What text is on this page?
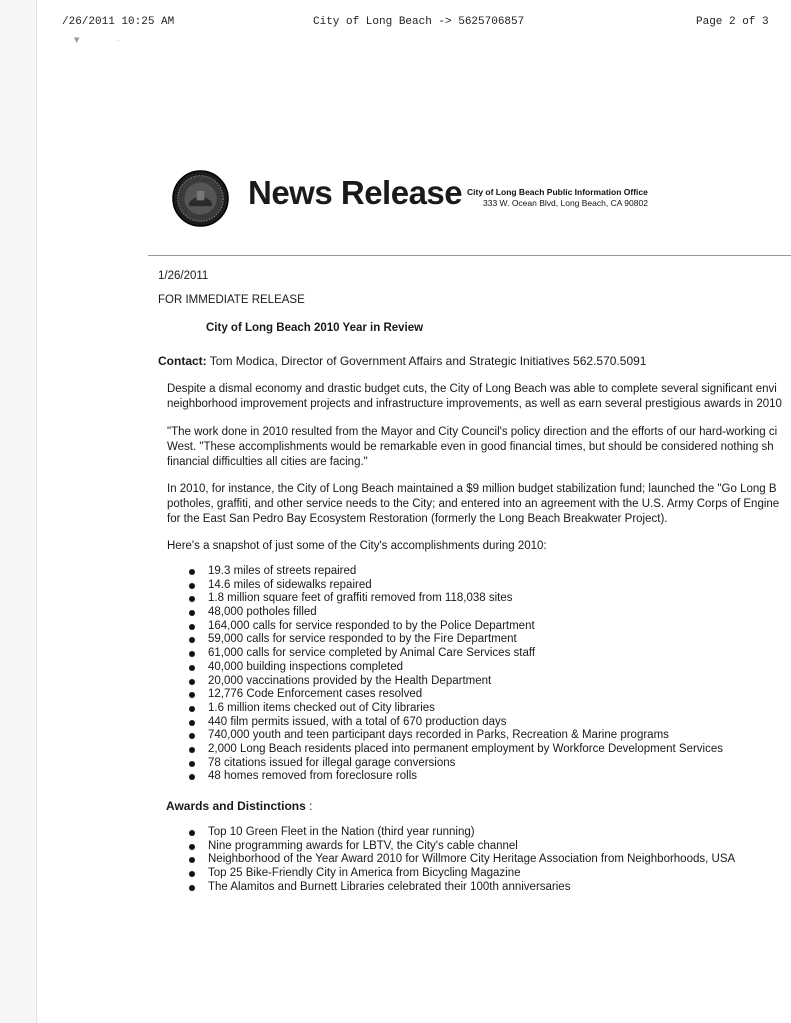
/26/2011 10:25 AM	City of Long Beach -> 5625706857	Page 2 of 3
▼	·
News Release City of Long Beach Public Information Office
333 W. Ocean Blvd, Long Beach, CA 90802
1/26/2011
FOR IMMEDIATE RELEASE
City of Long Beach 2010 Year in Review
Contact: Tom Modica, Director of Government Affairs and Strategic Initiatives 562.570.5091
Despite a dismal economy and drastic budget cuts, the City of Long Beach was able to complete several significant envi
neighborhood improvement projects and infrastructure improvements, as well as earn several prestigious awards in 2010
"The work done in 2010 resulted from the Mayor and City Council's policy direction and the efforts of our hard-working ci
West. "These accomplishments would be remarkable even in good financial times, but should be considered nothing sh
financial difficulties all cities are facing."
In 2010, for instance, the City of Long Beach maintained a $9 million budget stabilization fund; launched the "Go Long B
potholes, graffiti, and other service needs to the City; and entered into an agreement with the U.S. Army Corps of Engine
for the East San Pedro Bay Ecosystem Restoration (formerly the Long Beach Breakwater Project).
Here's a snapshot of just some of the City's accomplishments during 2010:
19.3 miles of streets repaired
14.6 miles of sidewalks repaired
1.8 million square feet of graffiti removed from 118,038 sites
48,000 potholes filled
164,000 calls for service responded to by the Police Department
59,000 calls for service responded to by the Fire Department
61,000 calls for service completed by Animal Care Services staff
40,000 building inspections completed
20,000 vaccinations provided by the Health Department
12,776 Code Enforcement cases resolved
1.6 million items checked out of City libraries
440 film permits issued, with a total of 670 production days
740,000 youth and teen participant days recorded in Parks, Recreation & Marine programs
2,000 Long Beach residents placed into permanent employment by Workforce Development Services
78 citations issued for illegal garage conversions
48 homes removed from foreclosure rolls
Awards and Distinctions :
Top 10 Green Fleet in the Nation (third year running)
Nine programming awards for LBTV, the City's cable channel
Neighborhood of the Year Award 2010 for Willmore City Heritage Association from Neighborhoods, USA
Top 25 Bike-Friendly City in America from Bicycling Magazine
The Alamitos and Burnett Libraries celebrated their 100th anniversaries
